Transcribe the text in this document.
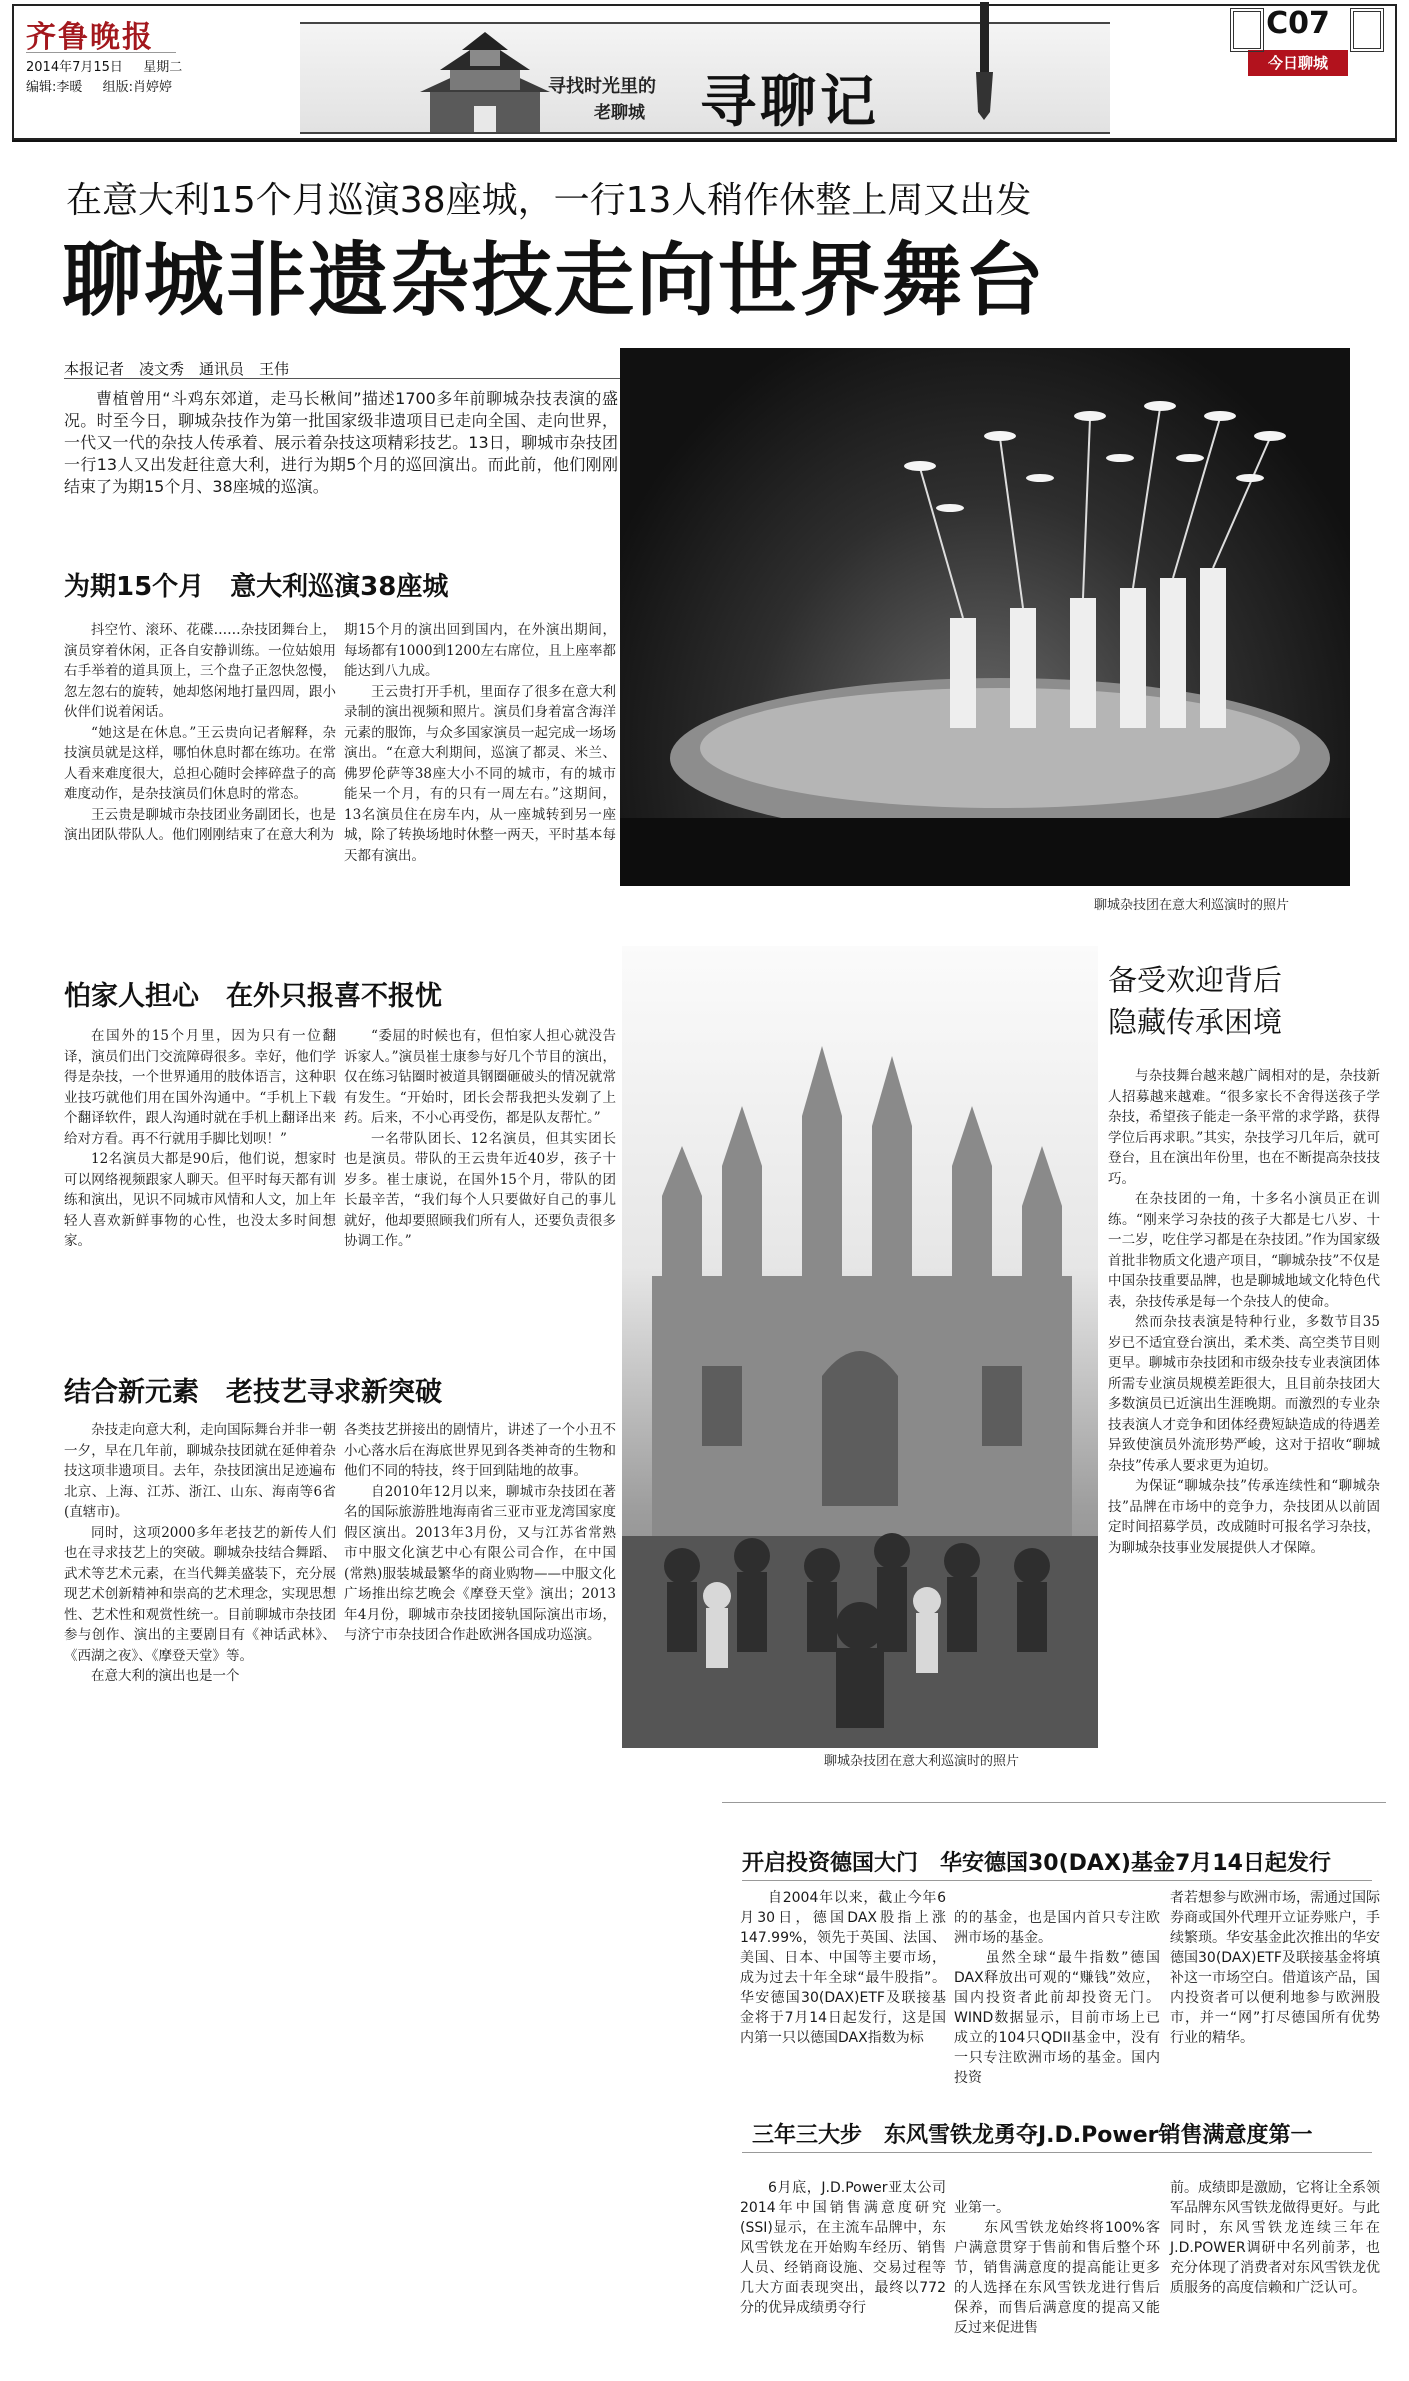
齐鲁晚报
2014年7月15日 星期二
编辑:李暖 组版:肖婷婷	寻找时光里的
老聊城 寻聊记
C07
今日聊城
在意大利15个月巡演38座城，一行13人稍作休整上周又出发
聊城非遗杂技走向世界舞台
本报记者　凌文秀　通讯员　王伟

曹植曾用“斗鸡东郊道，走马长楸间”描述1700多年前聊城杂技表演的盛况。时至今日，聊城杂技作为第一批国家级非遗项目已走向全国、走向世界，一代又一代的杂技人传承着、展示着杂技这项精彩技艺。13日，聊城市杂技团一行13人又出发赶往意大利，进行为期5个月的巡回演出。而此前，他们刚刚结束了为期15个月、38座城的巡演。

为期15个月　意大利巡演38座城

抖空竹、滚环、花碟……杂技团舞台上，演员穿着休闲，正各自安静训练。一位姑娘用右手举着的道具顶上，三个盘子正忽快忽慢，忽左忽右的旋转，她却悠闲地打量四周，跟小伙伴们说着闲话。

“她这是在休息。”王云贵向记者解释，杂技演员就是这样，哪怕休息时都在练功。在常人看来难度很大，总担心随时会摔碎盘子的高难度动作，是杂技演员们休息时的常态。

王云贵是聊城市杂技团业务副团长，也是演出团队带队人。他们刚刚结束了在意大利为

期15个月的演出回到国内，在外演出期间，每场都有1000到1200左右席位，且上座率都能达到八九成。

王云贵打开手机，里面存了很多在意大利录制的演出视频和照片。演员们身着富含海洋元素的服饰，与众多国家演员一起完成一场场演出。“在意大利期间，巡演了都灵、米兰、佛罗伦萨等38座大小不同的城市，有的城市能呆一个月，有的只有一周左右。”这期间，13名演员住在房车内，从一座城转到另一座城，除了转换场地时休整一两天，平时基本每天都有演出。

聊城杂技团在意大利巡演时的照片
怕家人担心　在外只报喜不报忧

在国外的15个月里，因为只有一位翻译，演员们出门交流障碍很多。幸好，他们学得是杂技，一个世界通用的肢体语言，这种职业技巧就他们用在国外沟通中。“手机上下载个翻译软件，跟人沟通时就在手机上翻译出来给对方看。再不行就用手脚比划呗！”

12名演员大都是90后，他们说，想家时可以网络视频跟家人聊天。但平时每天都有训练和演出，见识不同城市风情和人文，加上年轻人喜欢新鲜事物的心性，也没太多时间想家。

“委屈的时候也有，但怕家人担心就没告诉家人。”演员崔士康参与好几个节目的演出，仅在练习钻圈时被道具钢圈砸破头的情况就常有发生。“开始时，团长会帮我把头发剃了上药。后来，不小心再受伤，都是队友帮忙。”

一名带队团长、12名演员，但其实团长也是演员。带队的王云贵年近40岁，孩子十岁多。崔士康说，在国外15个月，带队的团长最辛苦，“我们每个人只要做好自己的事儿就好，他却要照顾我们所有人，还要负责很多协调工作。”

结合新元素　老技艺寻求新突破

杂技走向意大利，走向国际舞台并非一朝一夕，早在几年前，聊城杂技团就在延伸着杂技这项非遗项目。去年，杂技团演出足迹遍布北京、上海、江苏、浙江、山东、海南等6省(直辖市)。

同时，这项2000多年老技艺的新传人们也在寻求技艺上的突破。聊城杂技结合舞蹈、武术等艺术元素，在当代舞美盛装下，充分展现艺术创新精神和崇高的艺术理念，实现思想性、艺术性和观赏性统一。目前聊城市杂技团参与创作、演出的主要剧目有《神话武林》、《西湖之夜》、《摩登天堂》等。

在意大利的演出也是一个

各类技艺拼接出的剧情片，讲述了一个小丑不小心落水后在海底世界见到各类神奇的生物和他们不同的特技，终于回到陆地的故事。

自2010年12月以来，聊城市杂技团在著名的国际旅游胜地海南省三亚市亚龙湾国家度假区演出。2013年3月份，又与江苏省常熟市中服文化演艺中心有限公司合作，在中国(常熟)服装城最繁华的商业购物——中服文化广场推出综艺晚会《摩登天堂》演出；2013年4月份，聊城市杂技团接轨国际演出市场，与济宁市杂技团合作赴欧洲各国成功巡演。

聊城杂技团在意大利巡演时的照片
备受欢迎背后
隐藏传承困境

与杂技舞台越来越广阔相对的是，杂技新人招募越来越难。“很多家长不舍得送孩子学杂技，希望孩子能走一条平常的求学路，获得学位后再求职。”其实，杂技学习几年后，就可登台，且在演出年份里，也在不断提高杂技技巧。

在杂技团的一角，十多名小演员正在训练。“刚来学习杂技的孩子大都是七八岁、十一二岁，吃住学习都是在杂技团。”作为国家级首批非物质文化遗产项目，“聊城杂技”不仅是中国杂技重要品牌，也是聊城地域文化特色代表，杂技传承是每一个杂技人的使命。

然而杂技表演是特种行业，多数节目35岁已不适宜登台演出，柔术类、高空类节目则更早。聊城市杂技团和市级杂技专业表演团体所需专业演员规模差距很大，且目前杂技团大多数演员已近演出生涯晚期。而激烈的专业杂技表演人才竞争和团体经费短缺造成的待遇差异致使演员外流形势严峻，这对于招收“聊城杂技”传承人要求更为迫切。

为保证“聊城杂技”传承连续性和“聊城杂技”品牌在市场中的竞争力，杂技团从以前固定时间招募学员，改成随时可报名学习杂技，为聊城杂技事业发展提供人才保障。

开启投资德国大门　华安德国30(DAX)基金7月14日起发行

自2004年以来，截止今年6月30日，德国DAX股指上涨147.99%，领先于英国、法国、美国、日本、中国等主要市场，成为过去十年全球“最牛股指”。华安德国30(DAX)ETF及联接基金将于7月14日起发行，这是国内第一只以德国DAX指数为标

的的基金，也是国内首只专注欧洲市场的基金。
　　虽然全球“最牛指数”德国DAX释放出可观的“赚钱”效应，国内投资者此前却投资无门。WIND数据显示，目前市场上已成立的104只QDII基金中，没有一只专注欧洲市场的基金。国内投资

者若想参与欧洲市场，需通过国际券商或国外代理开立证券账户，手续繁琐。华安基金此次推出的华安德国30(DAX)ETF及联接基金将填补这一市场空白。借道该产品，国内投资者可以便利地参与欧洲股市，并一“网”打尽德国所有优势行业的精华。

三年三大步　东风雪铁龙勇夺J.D.Power销售满意度第一

6月底，J.D.Power亚太公司2014年中国销售满意度研究(SSI)显示，在主流车品牌中，东风雪铁龙在开始购车经历、销售人员、经销商设施、交易过程等几大方面表现突出，最终以772分的优异成绩勇夺行

业第一。
　　东风雪铁龙始终将100%客户满意贯穿于售前和售后整个环节，销售满意度的提高能让更多的人选择在东风雪铁龙进行售后保养，而售后满意度的提高又能反过来促进售

前。成绩即是激励，它将让全系领军品牌东风雪铁龙做得更好。与此同时，东风雪铁龙连续三年在J.D.POWER调研中名列前茅，也充分体现了消费者对东风雪铁龙优质服务的高度信赖和广泛认可。
